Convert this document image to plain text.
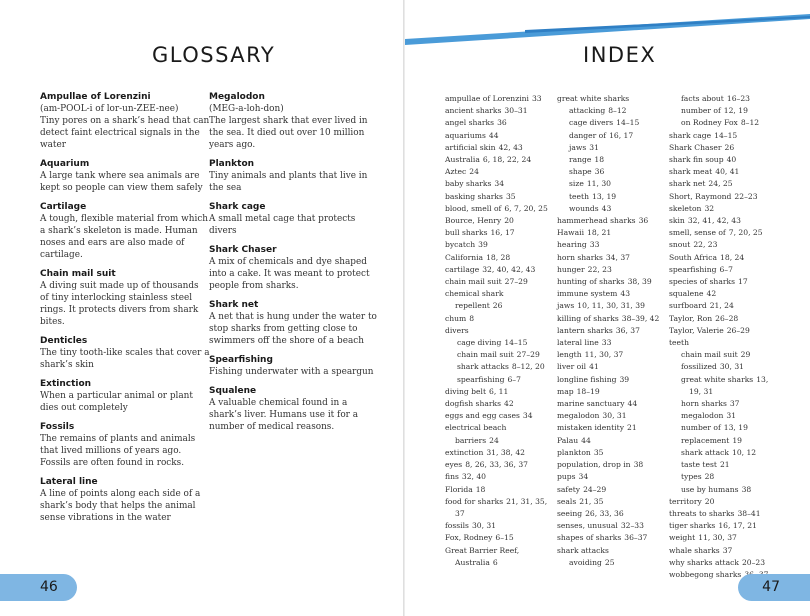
GLOSSARY
Ampullae of Lorenzini
(am-POOL-i of lor-un-ZEE-nee)
Tiny pores on a shark’s head that can detect faint electrical signals in the water
Aquarium
A large tank where sea animals are kept so people can view them safely
Cartilage
A tough, flexible material from which a shark’s skeleton is made. Human noses and ears are also made of cartilage.
Chain mail suit
A diving suit made up of thousands of tiny interlocking stainless steel rings. It protects divers from shark bites.
Denticles
The tiny tooth-like scales that cover a shark’s skin
Extinction
When a particular animal or plant dies out completely
Fossils
The remains of plants and animals that lived millions of years ago. Fossils are often found in rocks.
Lateral line
A line of points along each side of a shark’s body that helps the animal sense vibrations in the water
Megalodon
(MEG-a-loh-don)
The largest shark that ever lived in the sea. It died out over 10 million years ago.
Plankton
Tiny animals and plants that live in the sea
Shark cage
A small metal cage that protects divers
Shark Chaser
A mix of chemicals and dye shaped into a cake. It was meant to protect people from sharks.
Shark net
A net that is hung under the water to stop sharks from getting close to swimmers off the shore of a beach
Spearfishing
Fishing underwater with a speargun
Squalene
A valuable chemical found in a shark’s liver. Humans use it for a number of medical reasons.
46
INDEX
ampullae of Lorenzini 33
ancient sharks 30–31
angel sharks 36
aquariums 44
artificial skin 42, 43
Australia 6, 18, 22, 24
Aztec 24
baby sharks 34
basking sharks 35
blood, smell of 6, 7, 20, 25
Bource, Henry 20
bull sharks 16, 17
bycatch 39
California 18, 28
cartilage 32, 40, 42, 43
chain mail suit 27–29
chemical shark repellent 26
chum 8
divers
cage diving 14–15
chain mail suit 27–29
shark attacks 8–12, 20
spearfishing 6–7
diving belt 6, 11
dogfish sharks 42
eggs and egg cases 34
electrical beach barriers 24
extinction 31, 38, 42
eyes 8, 26, 33, 36, 37
fins 32, 40
Florida 18
food for sharks 21, 31, 35, 37
fossils 30, 31
Fox, Rodney 6–15
Great Barrier Reef, Australia 6
great white sharks
attacking 8–12
cage divers 14–15
danger of 16, 17
jaws 31
range 18
shape 36
size 11, 30
teeth 13, 19
wounds 43
hammerhead sharks 36
Hawaii 18, 21
hearing 33
horn sharks 34, 37
hunger 22, 23
hunting of sharks 38, 39
immune system 43
jaws 10, 11, 30, 31, 39
killing of sharks 38–39, 42
lantern sharks 36, 37
lateral line 33
length 11, 30, 37
liver oil 41
longline fishing 39
map 18–19
marine sanctuary 44
megalodon 30, 31
mistaken identity 21
Palau 44
plankton 35
population, drop in 38
pups 34
safety 24–29
seals 21, 35
seeing 26, 33, 36
senses, unusual 32–33
shapes of sharks 36–37
shark attacks
avoiding 25
facts about 16–23
number of 12, 19
on Rodney Fox 8–12
shark cage 14–15
Shark Chaser 26
shark fin soup 40
shark meat 40, 41
shark net 24, 25
Short, Raymond 22–23
skeleton 32
skin 32, 41, 42, 43
smell, sense of 7, 20, 25
snout 22, 23
South Africa 18, 24
spearfishing 6–7
species of sharks 17
squalene 42
surfboard 21, 24
Taylor, Ron 26–28
Taylor, Valerie 26–29
teeth
chain mail suit 29
fossilized 30, 31
great white sharks 13, 19, 31
horn sharks 37
megalodon 31
number of 13, 19
replacement 19
shark attack 10, 12
taste test 21
types 28
use by humans 38
territory 20
threats to sharks 38–41
tiger sharks 16, 17, 21
weight 11, 30, 37
whale sharks 37
why sharks attack 20–23
wobbegong sharks
47
